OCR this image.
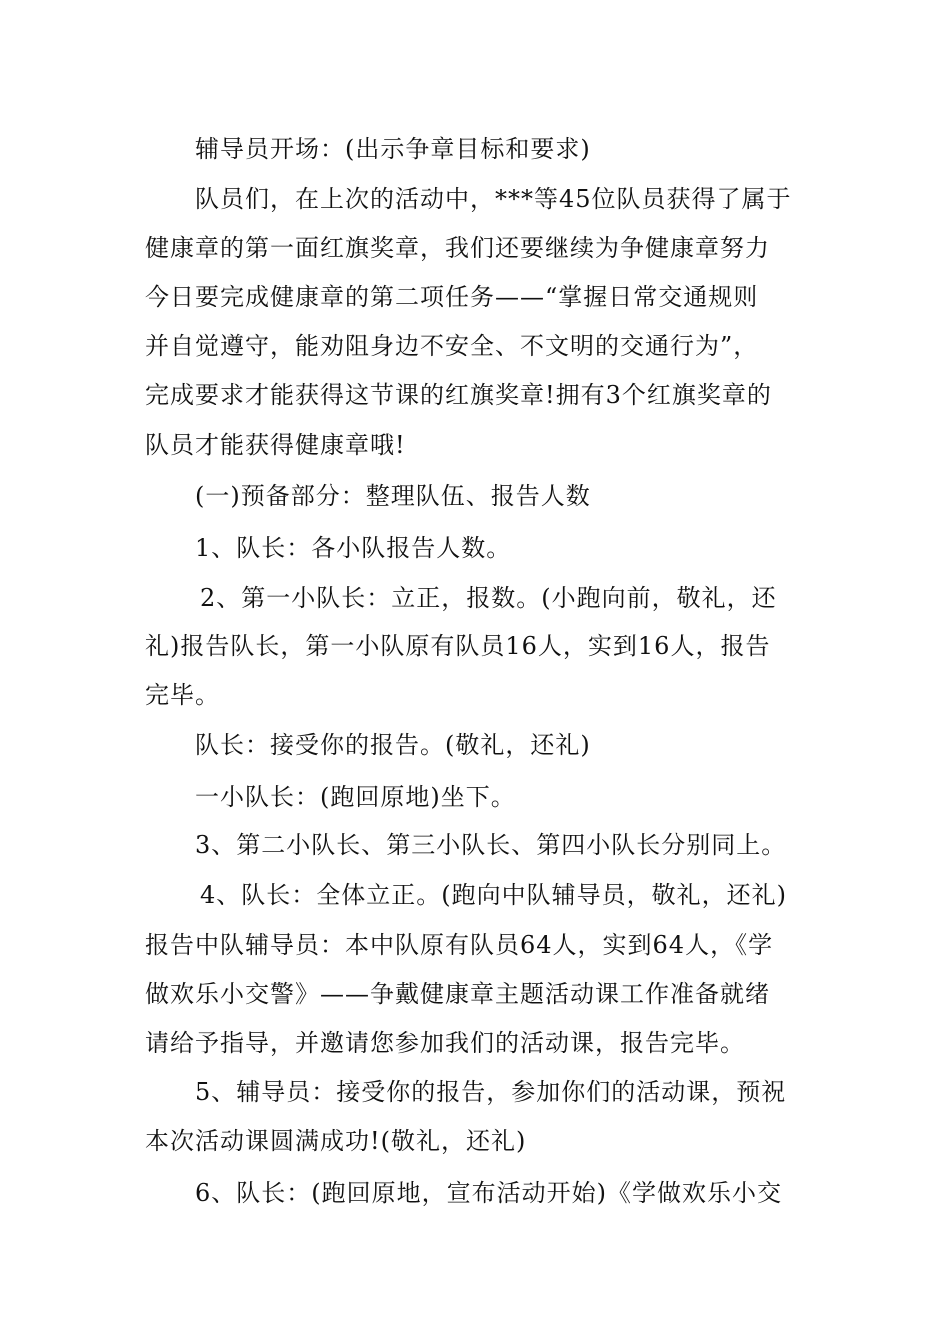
辅导员开场：(出示争章目标和要求)
队员们，在上次的活动中，***等45位队员获得了属于
健康章的第一面红旗奖章，我们还要继续为争健康章努力
今日要完成健康章的第二项任务——“掌握日常交通规则
并自觉遵守，能劝阻身边不安全、不文明的交通行为”，
完成要求才能获得这节课的红旗奖章!拥有3个红旗奖章的
队员才能获得健康章哦!
(一)预备部分：整理队伍、报告人数
1、队长：各小队报告人数。
2、第一小队长：立正，报数。(小跑向前，敬礼，还
礼)报告队长，第一小队原有队员16人，实到16人，报告
完毕。
队长：接受你的报告。(敬礼，还礼)
一小队长：(跑回原地)坐下。
3、第二小队长、第三小队长、第四小队长分别同上。
4、队长：全体立正。(跑向中队辅导员，敬礼，还礼)
报告中队辅导员：本中队原有队员64人，实到64人，《学
做欢乐小交警》——争戴健康章主题活动课工作准备就绪
请给予指导，并邀请您参加我们的活动课，报告完毕。
5、辅导员：接受你的报告，参加你们的活动课，预祝
本次活动课圆满成功!(敬礼，还礼)
6、队长：(跑回原地，宣布活动开始)《学做欢乐小交
